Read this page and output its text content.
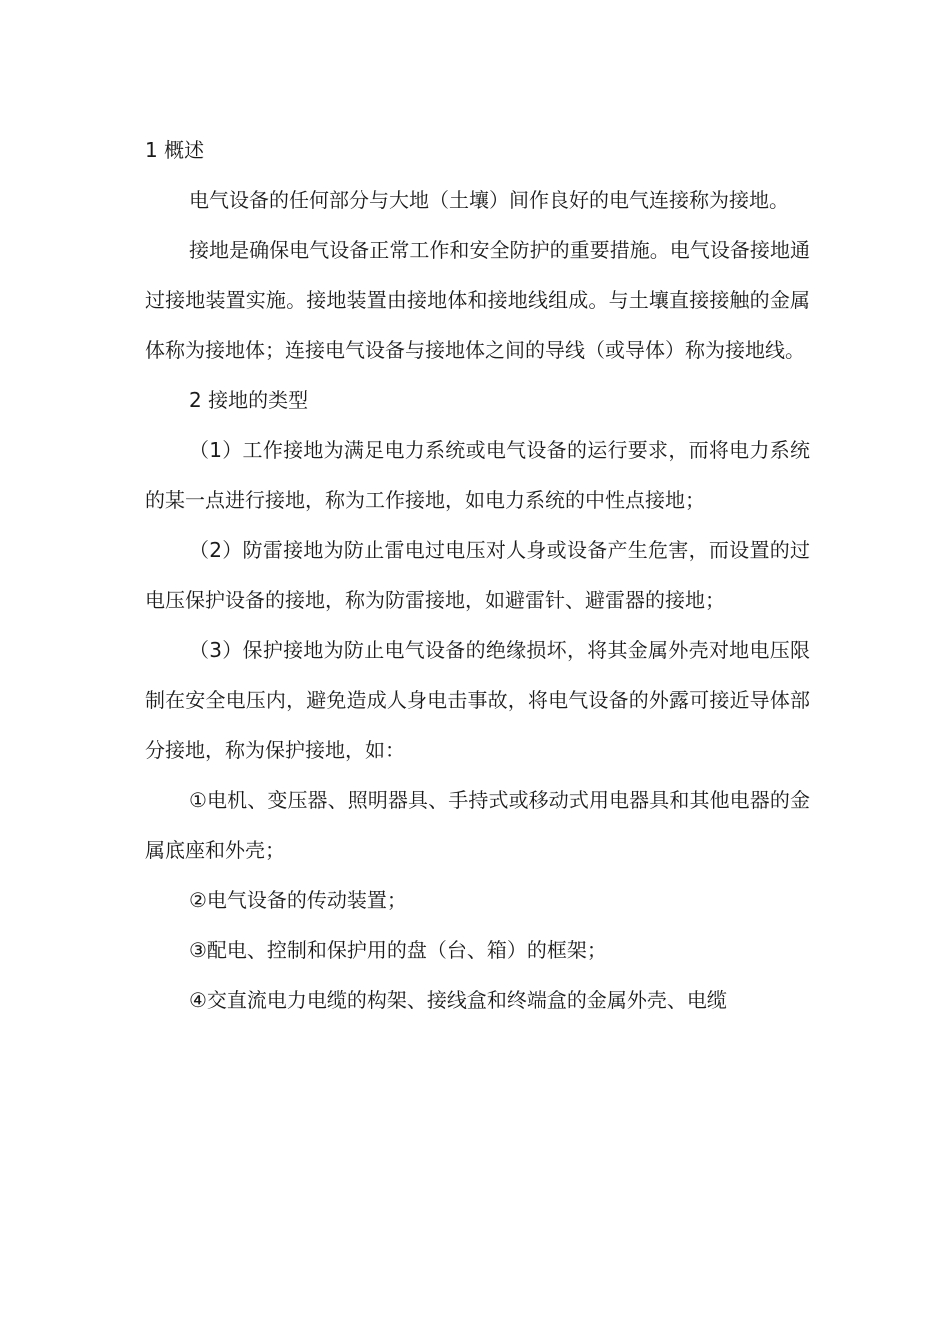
1 概述

电气设备的任何部分与大地（土壤）间作良好的电气连接称为接地。

接地是确保电气设备正常工作和安全防护的重要措施。电气设备接地通过接地装置实施。接地装置由接地体和接地线组成。与土壤直接接触的金属体称为接地体；连接电气设备与接地体之间的导线（或导体）称为接地线。

2 接地的类型

（1）工作接地为满足电力系统或电气设备的运行要求，而将电力系统的某一点进行接地，称为工作接地，如电力系统的中性点接地；

（2）防雷接地为防止雷电过电压对人身或设备产生危害，而设置的过电压保护设备的接地，称为防雷接地，如避雷针、避雷器的接地；

（3）保护接地为防止电气设备的绝缘损坏，将其金属外壳对地电压限制在安全电压内，避免造成人身电击事故，将电气设备的外露可接近导体部分接地，称为保护接地，如：

①电机、变压器、照明器具、手持式或移动式用电器具和其他电器的金属底座和外壳；

②电气设备的传动装置；

③配电、控制和保护用的盘（台、箱）的框架；

④交直流电力电缆的构架、接线盒和终端盒的金属外壳、电缆
